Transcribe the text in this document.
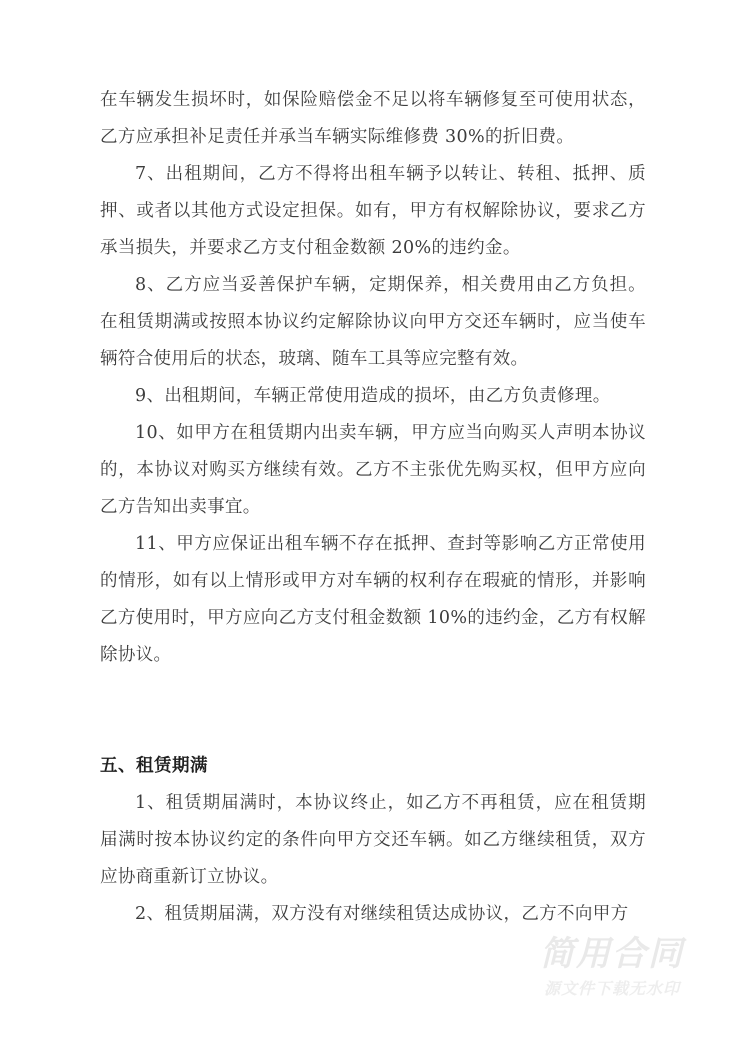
在车辆发生损坏时，如保险赔偿金不足以将车辆修复至可使用状态，乙方应承担补足责任并承当车辆实际维修费 30%的折旧费。

7、出租期间，乙方不得将出租车辆予以转让、转租、抵押、质押、或者以其他方式设定担保。如有，甲方有权解除协议，要求乙方承当损失，并要求乙方支付租金数额 20%的违约金。

8、乙方应当妥善保护车辆，定期保养，相关费用由乙方负担。在租赁期满或按照本协议约定解除协议向甲方交还车辆时，应当使车辆符合使用后的状态，玻璃、随车工具等应完整有效。

9、出租期间，车辆正常使用造成的损坏，由乙方负责修理。

10、如甲方在租赁期内出卖车辆，甲方应当向购买人声明本协议的，本协议对购买方继续有效。乙方不主张优先购买权，但甲方应向乙方告知出卖事宜。

11、甲方应保证出租车辆不存在抵押、查封等影响乙方正常使用的情形，如有以上情形或甲方对车辆的权利存在瑕疵的情形，并影响乙方使用时，甲方应向乙方支付租金数额 10%的违约金，乙方有权解除协议。

五、租赁期满

1、租赁期届满时，本协议终止，如乙方不再租赁，应在租赁期届满时按本协议约定的条件向甲方交还车辆。如乙方继续租赁，双方应协商重新订立协议。

2、租赁期届满，双方没有对继续租赁达成协议，乙方不向甲方

简用合同
源文件下载无水印
